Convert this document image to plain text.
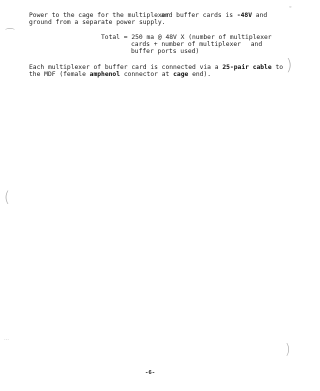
◦
⌒
)
(
⋯
)
Power to the cage for the multiplexer
and buffer cards is -48V and
ground from a separate power supply.
Total = 250 ma @ 48V X (number of multiplexer
cards + number of multiplexer and
buffer ports used)
Each multiplexer of buffer card is connected via a 25-pair cable to
the MDF (female amphenol connector at cage end).
-6-
